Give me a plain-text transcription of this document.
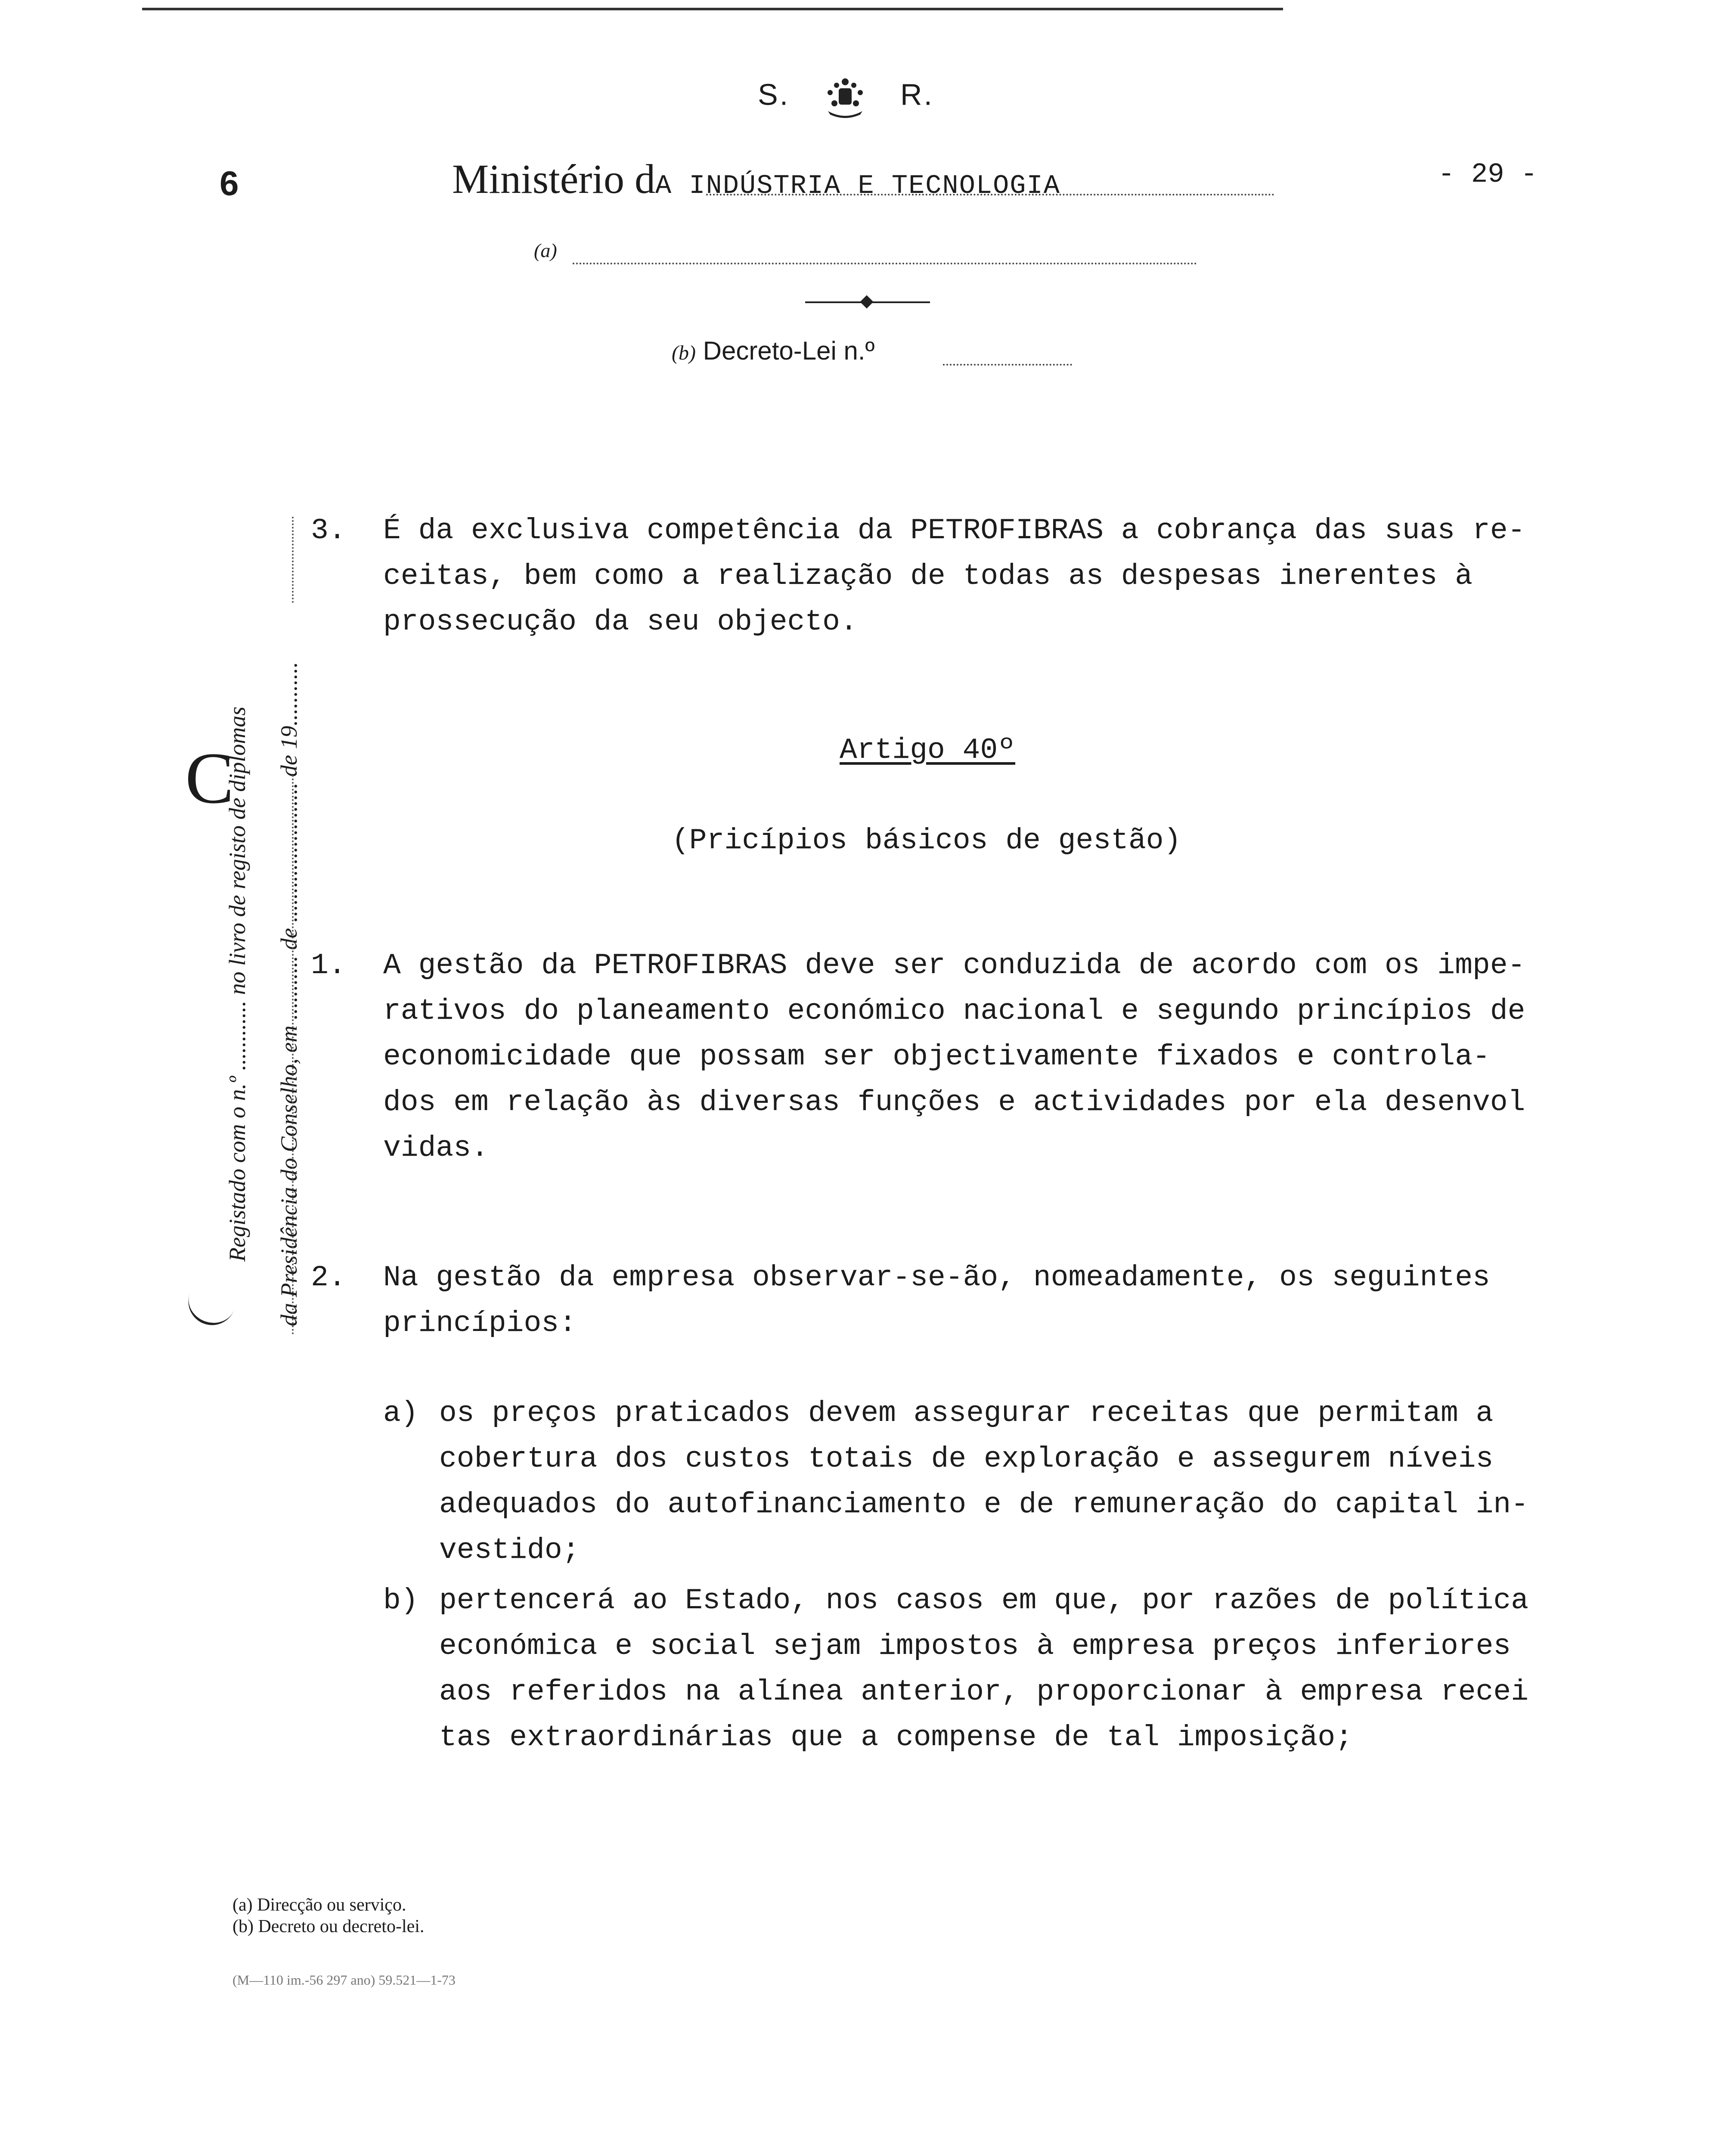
S.	R.
6	Ministério dA INDÚSTRIA E TECNOLOGIA	- 29 -
(a)
(b) Decreto-Lei n.º
C
Registado com o n.º ............ no livro de registo de diplomas da Presidência do Conselho, em ........... de ........................ de 19...........
3. É da exclusiva competência da PETROFIBRAS a cobrança das suas re-
ceitas, bem como a realização de todas as despesas inerentes à
prossecução da seu objecto.
Artigo 40º
(Pricípios básicos de gestão)
1. A gestão da PETROFIBRAS deve ser conduzida de acordo com os impe-
rativos do planeamento económico nacional e segundo princípios de
economicidade que possam ser objectivamente fixados e controla-
dos em relação às diversas funções e actividades por ela desenvol
vidas.
2. Na gestão da empresa observar-se-ão, nomeadamente, os seguintes
princípios:
a) os preços praticados devem assegurar receitas que permitam a
cobertura dos custos totais de exploração e assegurem níveis
adequados do autofinanciamento e de remuneração do capital in-
vestido;
b) pertencerá ao Estado, nos casos em que, por razões de política
económica e social sejam impostos à empresa preços inferiores
aos referidos na alínea anterior, proporcionar à empresa recei
tas extraordinárias que a compense de tal imposição;
(a) Direcção ou serviço.
(b) Decreto ou decreto-lei.
(M—110 im.-56 297 ano) 59.521—1-73
